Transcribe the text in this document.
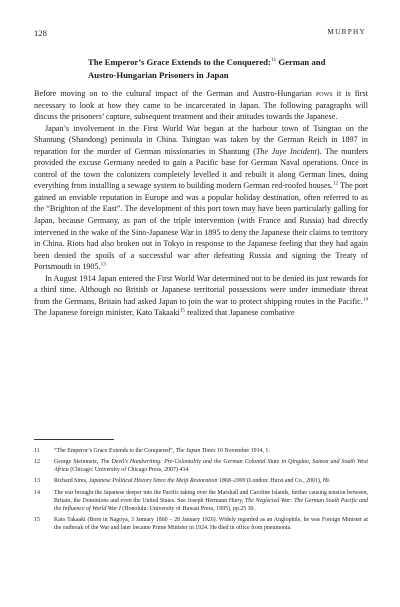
128	MURPHY
The Emperor’s Grace Extends to the Conquered:$^{11}$ German and Austro-Hungarian Prisoners in Japan

Before moving on to the cultural impact of the German and Austro-Hungarian pows it is first necessary to look at how they came to be incarcerated in Japan. The following paragraphs will discuss the prisoners’ capture, subsequent treatment and their attitudes towards the Japanese.

Japan’s involvement in the First World War began at the harbour town of Tsingtao on the Shantung (Shandong) peninsula in China. Tsingtao was taken by the German Reich in 1897 in reparation for the murder of German missionaries in Shantung (The Juye Incident). The murders provided the excuse Germany needed to gain a Pacific base for German Naval operations. Once in control of the town the colonizers completely levelled it and rebuilt it along German lines, doing everything from installing a sewage system to building modern German red-roofed houses.$^{12}$ The port gained an enviable reputation in Europe and was a popular holiday destination, often referred to as the “Brighton of the East”. The development of this port town may have been particularly galling for Japan, because Germany, as part of the triple intervention (with France and Russia) had directly intervened in the wake of the Sino-Japanese War in 1895 to deny the Japanese their claims to territory in China. Riots had also broken out in Tokyo in response to the Japanese feeling that they had again been denied the spoils of a successful war after defeating Russia and signing the Treaty of Portsmouth in 1905.13

In August 1914 Japan entered the First World War determined not to be denied its just rewards for a third time. Although no British or Japanese territorial possessions were under immediate threat from the Germans, Britain had asked Japan to join the war to protect shipping routes in the Pacific.$^{14}$ The Japanese foreign minister, Kato Takaaki$^{15}$ realized that Japanese combative

11	“The Emperor’s Grace Extends to the Conquered”, The Japan Times 10 November 1914, 1.
12	George Steinmetz, The Devil’s Handwriting: Pre-Coloniality and the German Colonial State in Qingdao, Samoa and South West Africa (Chicago: University of Chicago Press, 2007) 434.
13	Richard Sims, Japanese Political History Since the Meiji Restoration 1868–2000 (London: Hurst and Co., 2001), 89.
14	The war brought the Japanese deeper into the Pacific taking over the Marshall and Caroline Islands, further causing tension between, Britain, the Dominions and even the United States. See Joseph Hermann Hiery, The Neglected War: The German South Pacific and the Influence of World War I (Honolulu: University of Hawaii Press, 1995), pp.25 30.
15	Kato Takaaki (Born in Nagoya, 3 January 1860 – 28 January 1926). Widely regarded as an Anglophile, he was Foreign Minister at the outbreak of the War and later became Prime Minister in 1924. He died in office from pneumonia.
